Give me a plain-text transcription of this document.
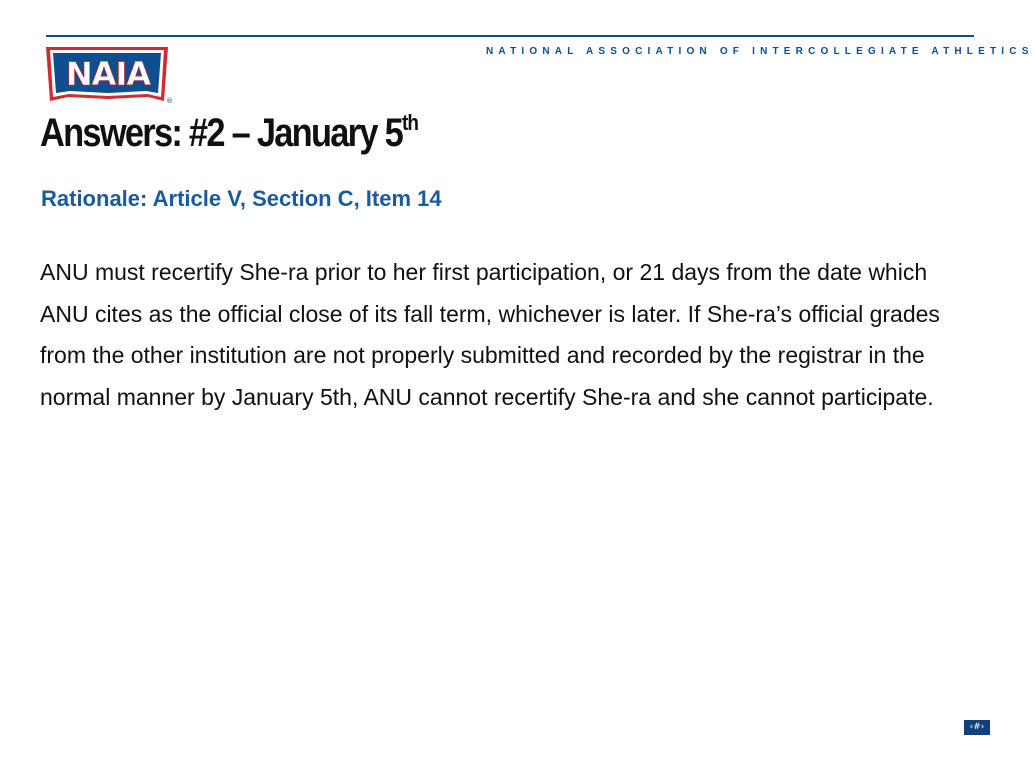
NAIA
®
NATIONAL ASSOCIATION OF INTERCOLLEGIATE ATHLETICS
Answers: #2 – January 5th
Rationale: Article V, Section C, Item 14

ANU must recertify She-ra prior to her first participation, or 21 days from the date which ANU cites as the official close of its fall term, whichever is later. If She-ra’s official grades from the other institution are not properly submitted and recorded by the registrar in the normal manner by January 5th, ANU cannot recertify She-ra and she cannot participate.

‹#›
